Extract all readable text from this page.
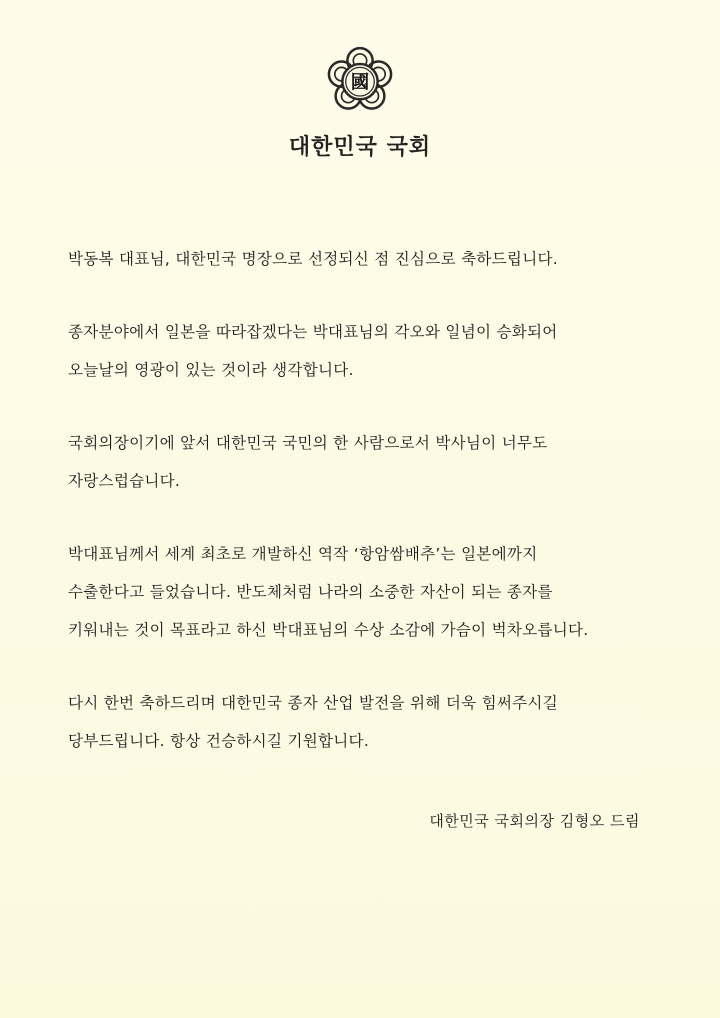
國
대한민국 국회

박동복 대표님, 대한민국 명장으로 선정되신 점 진심으로 축하드립니다.

종자분야에서 일본을 따라잡겠다는 박대표님의 각오와 일념이 승화되어
오늘날의 영광이 있는 것이라 생각합니다.

국회의장이기에 앞서 대한민국 국민의 한 사람으로서 박사님이 너무도
자랑스럽습니다.

박대표님께서 세계 최초로 개발하신 역작 ‘항암쌈배추’는 일본에까지
수출한다고 들었습니다. 반도체처럼 나라의 소중한 자산이 되는 종자를
키워내는 것이 목표라고 하신 박대표님의 수상 소감에 가슴이 벅차오릅니다.

다시 한번 축하드리며 대한민국 종자 산업 발전을 위해 더욱 힘써주시길
당부드립니다. 항상 건승하시길 기원합니다.

대한민국 국회의장 김형오 드림
